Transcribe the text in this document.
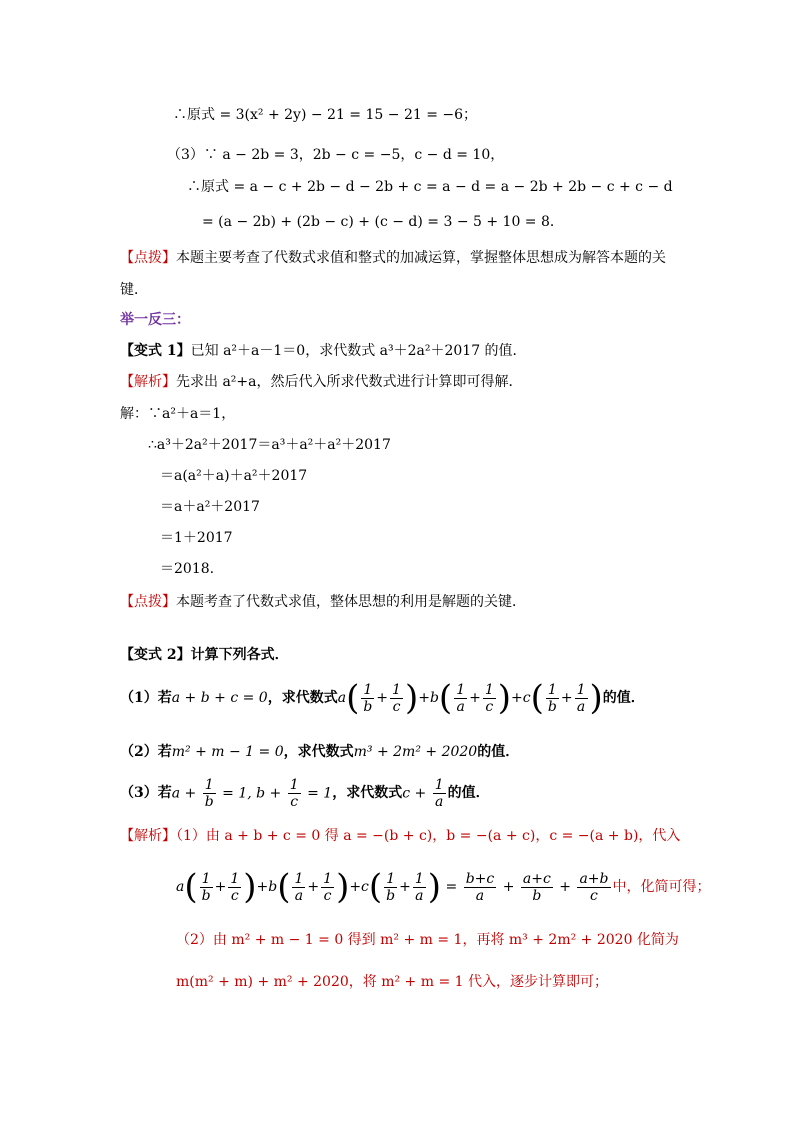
∴原式 = 3(x² + 2y) − 21 = 15 − 21 = −6；
（3）∵ a − 2b = 3，2b − c = −5，c − d = 10，
∴原式 = a − c + 2b − d − 2b + c = a − d = a − 2b + 2b − c + c − d
= (a − 2b) + (2b − c) + (c − d) = 3 − 5 + 10 = 8．
【点拨】本题主要考查了代数式求值和整式的加减运算，掌握整体思想成为解答本题的关
键．
举一反三：
【变式 1】已知 a²＋a－1＝0，求代数式 a³＋2a²＋2017 的值．
【解析】先求出 a²+a，然后代入所求代数式进行计算即可得解．
解：∵a²＋a＝1，
∴a³＋2a²＋2017＝a³＋a²＋a²＋2017
＝a(a²＋a)＋a²＋2017
＝a＋a²＋2017
＝1＋2017
＝2018.
【点拨】本题考查了代数式求值，整体思想的利用是解题的关键．
【变式 2】计算下列各式．
（1）若 a + b + c = 0 ，求代数式 $a( \frac{1}{b} + \frac{1}{c} )+b( \frac{1}{a} + \frac{1}{c} )+c( \frac{1}{b} + \frac{1}{a}$ ) 的值．
（2）若m² + m − 1 = 0，求代数式m³ + 2m² + 2020的值．
（3）若 $a + \frac{1}{b} = 1$, $b + \frac{1}{c} = 1$ ，求代数式 $c + \frac{1}{a}$ 的值．
【解析】（1）由 a + b + c = 0 得 a = −(b + c)，b = −(a + c)，c = −(a + b)，代入
$a( \frac{1}{b} + \frac{1}{c} )+b( \frac{1}{a} + \frac{1}{c} )+c( \frac{1}{b} + \frac{1}{a}$ ) = $\frac{b+c}{a} + \frac{a+c}{b} + \frac{a+b}{c}$ 中，化简可得；
（2）由 m² + m − 1 = 0 得到 m² + m = 1，再将 m³ + 2m² + 2020 化简为
m(m² + m) + m² + 2020，将 m² + m = 1 代入，逐步计算即可；
